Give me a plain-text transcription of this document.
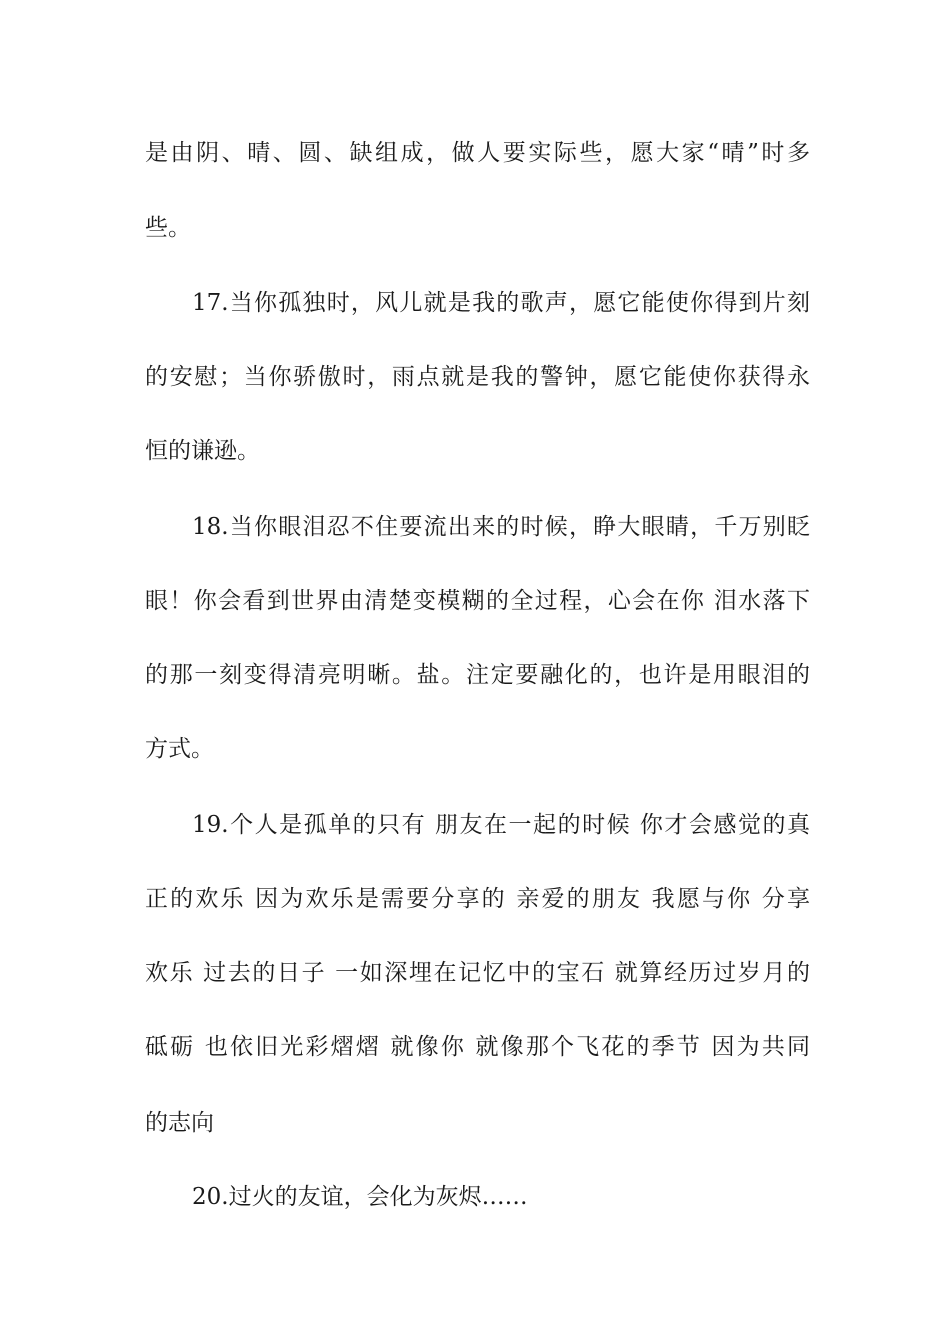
是由阴、晴、圆、缺组成，做人要实际些，愿大家“晴”时多
些。
17.当你孤独时，风儿就是我的歌声，愿它能使你得到片刻
的安慰；当你骄傲时，雨点就是我的警钟，愿它能使你获得永
恒的谦逊。
18.当你眼泪忍不住要流出来的时候，睁大眼睛，千万别眨
眼！你会看到世界由清楚变模糊的全过程，心会在你 泪水落下
的那一刻变得清亮明晰。盐。注定要融化的，也许是用眼泪的
方式。
19.个人是孤单的只有 朋友在一起的时候 你才会感觉的真
正的欢乐 因为欢乐是需要分享的 亲爱的朋友 我愿与你 分享
欢乐 过去的日子 一如深埋在记忆中的宝石 就算经历过岁月的
砥砺 也依旧光彩熠熠 就像你 就像那个飞花的季节 因为共同
的志向
20.过火的友谊，会化为灰烬……
